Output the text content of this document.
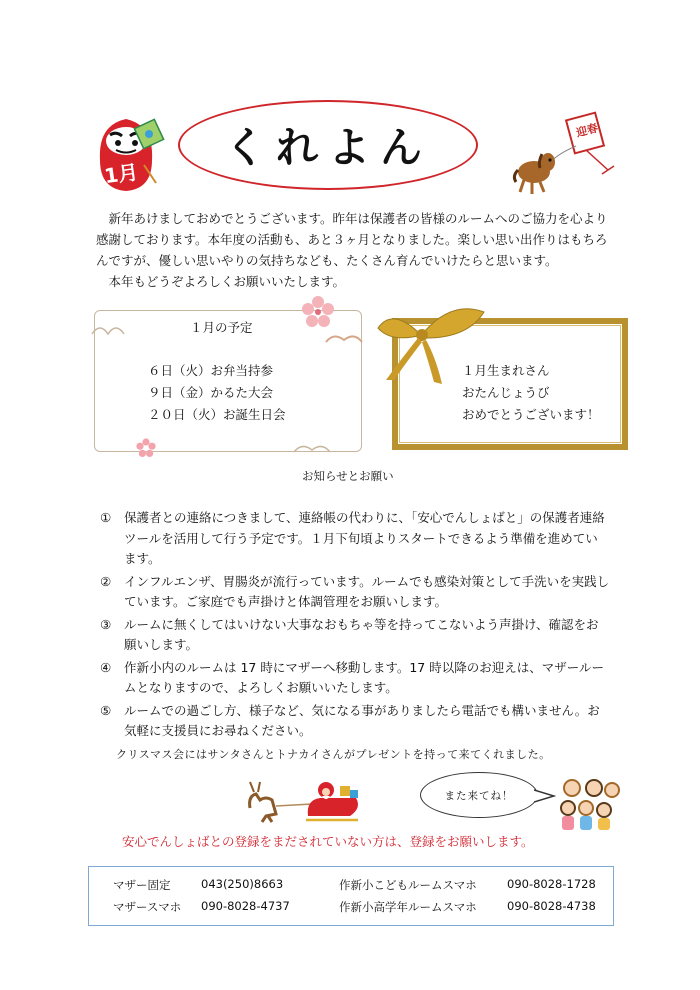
1月
くれよん	迎春

新年あけましておめでとうございます。昨年は保護者の皆様のルームへのご協力を心より感謝しております。本年度の活動も、あと３ヶ月となりました。楽しい思い出作りはもちろんですが、優しい思いやりの気持ちなども、たくさん育んでいけたらと思います。

本年もどうぞよろしくお願いいたします。

１月の予定
６日（火）お弁当持参
９日（金）かるた大会
２０日（火）お誕生日会
１月生まれさん
おたんじょうび
おめでとうございます！
お知らせとお願い
①	保護者との連絡につきまして、連絡帳の代わりに、「安心でんしょばと」の保護者連絡ツールを活用して行う予定です。１月下旬頃よりスタートできるよう準備を進めています。
②	インフルエンザ、胃腸炎が流行っています。ルームでも感染対策として手洗いを実践しています。ご家庭でも声掛けと体調管理をお願いします。
③	ルームに無くしてはいけない大事なおもちゃ等を持ってこないよう声掛け、確認をお願いします。
④	作新小内のルームは 17 時にマザーへ移動します。17 時以降のお迎えは、マザールームとなりますので、よろしくお願いいたします。
⑤	ルームでの過ごし方、様子など、気になる事がありましたら電話でも構いません。お気軽に支援員にお尋ねください。
クリスマス会にはサンタさんとトナカイさんがプレゼントを持って来てくれました。
また来てね！
安心でんしょばとの登録をまだされていない方は、登録をお願いします。
マザー固定	043(250)8663	作新小こどもルームスマホ	090-8028-1728
マザースマホ 090-8028-4737	作新小高学年ルームスマホ	090-8028-4738
